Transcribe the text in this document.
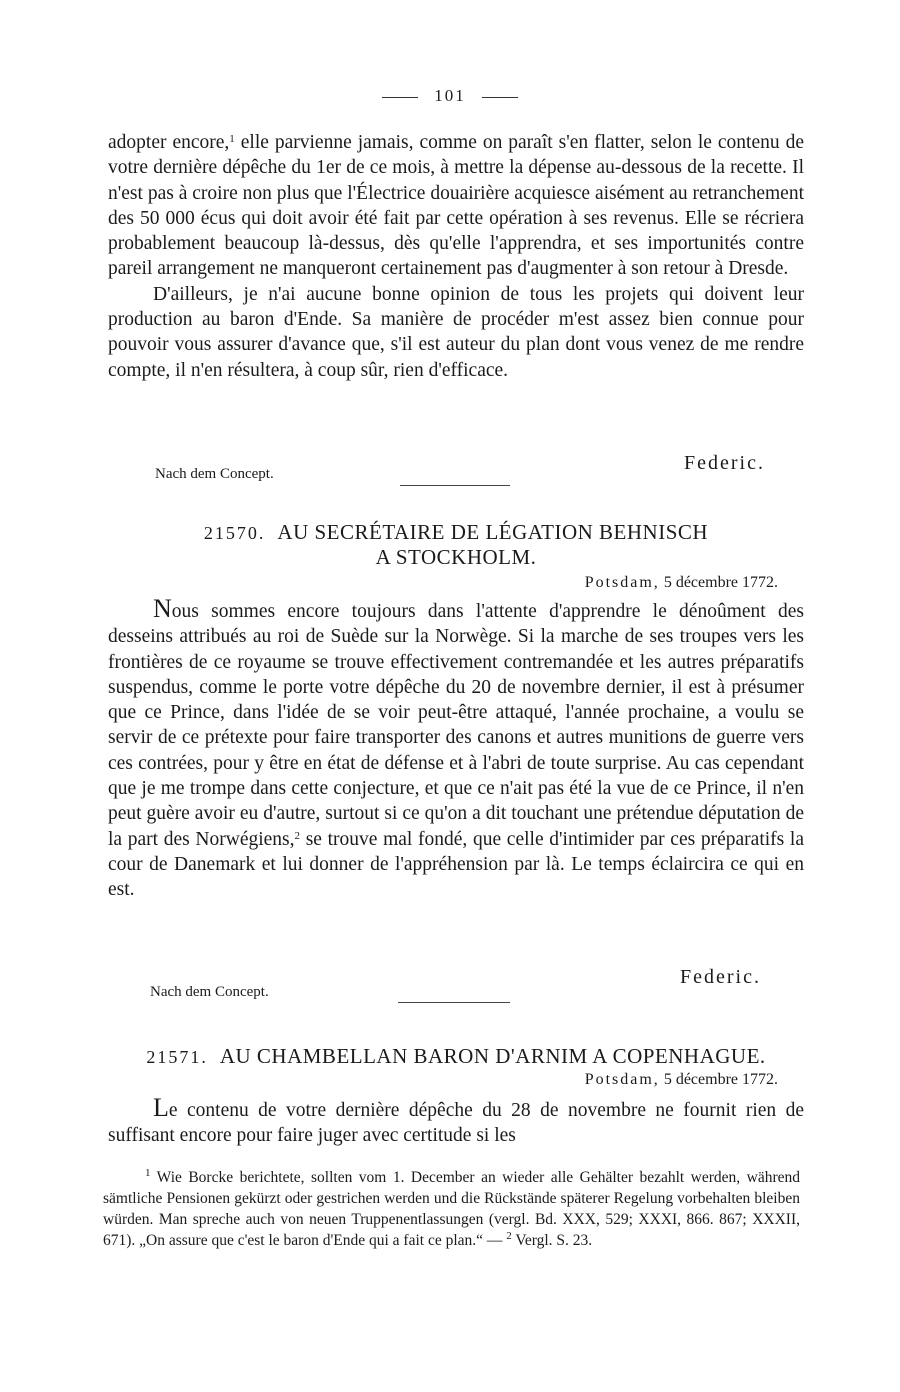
101

adopter encore,$^1$ elle parvienne jamais, comme on paraît s'en flatter, selon le contenu de votre dernière dépêche du 1er de ce mois, à mettre la dépense au-dessous de la recette. Il n'est pas à croire non plus que l'Électrice douairière acquiesce aisément au retranchement des 50 000 écus qui doit avoir été fait par cette opération à ses revenus. Elle se récriera probablement beaucoup là-dessus, dès qu'elle l'apprendra, et ses importunités contre pareil arrangement ne manqueront certainement pas d'augmenter à son retour à Dresde.

D'ailleurs, je n'ai aucune bonne opinion de tous les projets qui doivent leur production au baron d'Ende. Sa manière de procéder m'est assez bien connue pour pouvoir vous assurer d'avance que, s'il est auteur du plan dont vous venez de me rendre compte, il n'en résultera, à coup sûr, rien d'efficace.

Federic.
Nach dem Concept.
21570. AU SECRÉTAIRE DE LÉGATION BEHNISCH
A STOCKHOLM.
Potsdam, 5 décembre 1772.

Nous sommes encore toujours dans l'attente d'apprendre le dénoûment des desseins attribués au roi de Suède sur la Norwège. Si la marche de ses troupes vers les frontières de ce royaume se trouve effectivement contremandée et les autres préparatifs suspendus, comme le porte votre dépêche du 20 de novembre dernier, il est à présumer que ce Prince, dans l'idée de se voir peut-être attaqué, l'année prochaine, a voulu se servir de ce prétexte pour faire transporter des canons et autres munitions de guerre vers ces contrées, pour y être en état de défense et à l'abri de toute surprise. Au cas cependant que je me trompe dans cette conjecture, et que ce n'ait pas été la vue de ce Prince, il n'en peut guère avoir eu d'autre, surtout si ce qu'on a dit touchant une prétendue députation de la part des Norwégiens,$^2$ se trouve mal fondé, que celle d'intimider par ces préparatifs la cour de Danemark et lui donner de l'appréhension par là. Le temps éclaircira ce qui en est.

Federic.
Nach dem Concept.
21571. AU CHAMBELLAN BARON D'ARNIM A COPENHAGUE.
Potsdam, 5 décembre 1772.

Le contenu de votre dernière dépêche du 28 de novembre ne fournit rien de suffisant encore pour faire juger avec certitude si les

$^1$ Wie Borcke berichtete, sollten vom 1. December an wieder alle Gehälter bezahlt werden, während sämtliche Pensionen gekürzt oder gestrichen werden und die Rückstände späterer Regelung vorbehalten bleiben würden. Man spreche auch von neuen Truppenentlassungen (vergl. Bd. XXX, 529; XXXI, 866. 867; XXXII, 671). „On assure que c'est le baron d'Ende qui a fait ce plan.“ — $^2$ Vergl. S. 23.
